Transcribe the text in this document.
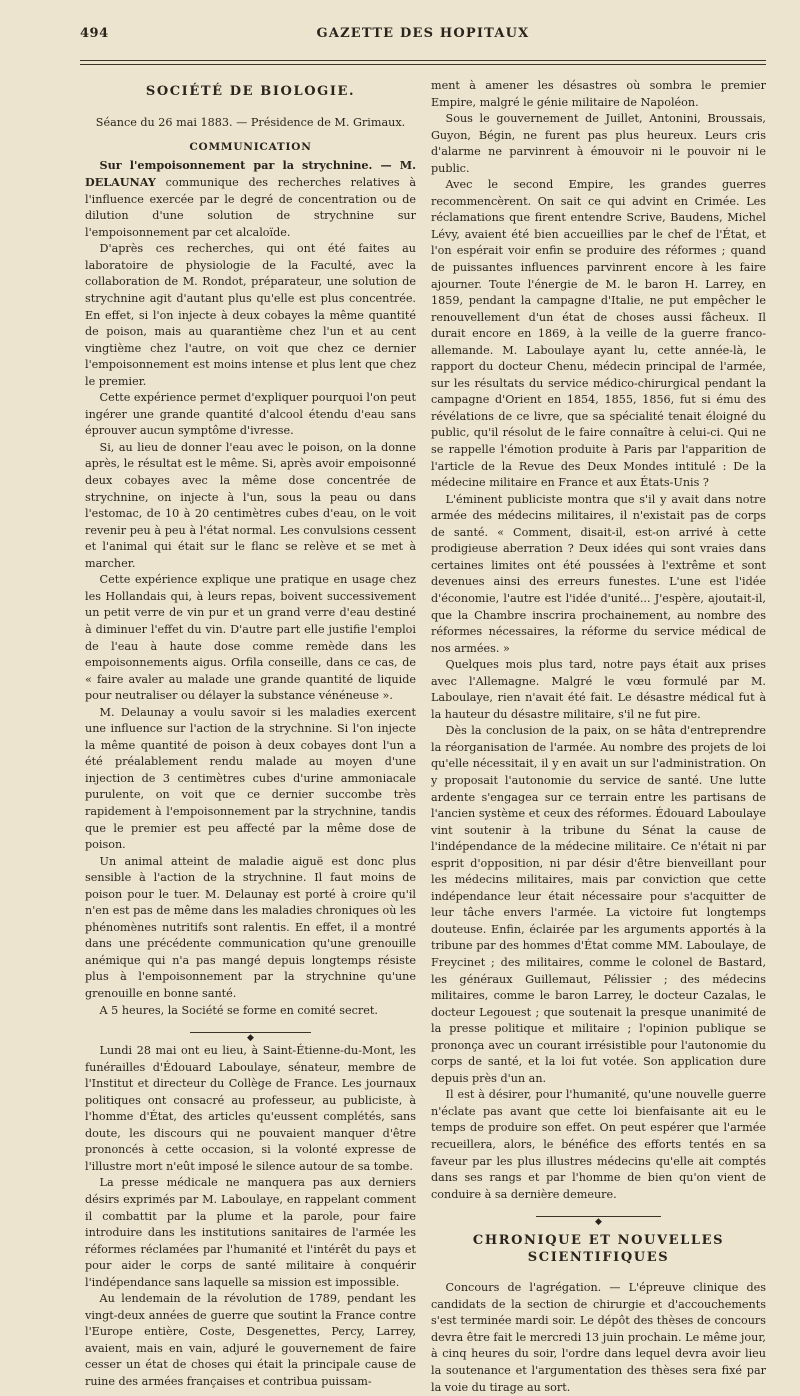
494	GAZETTE DES HOPITAUX
SOCIÉTÉ DE BIOLOGIE.

Séance du 26 mai 1883. — Présidence de M. Grimaux.

COMMUNICATION

Sur l'empoisonnement par la strychnine. — M. DELAUNAY communique des recherches relatives à l'influence exercée par le degré de concentration ou de dilution d'une solution de strychnine sur l'empoisonnement par cet alcaloïde.

D'après ces recherches, qui ont été faites au laboratoire de physiologie de la Faculté, avec la collaboration de M. Rondot, préparateur, une solution de strychnine agit d'autant plus qu'elle est plus concentrée. En effet, si l'on injecte à deux cobayes la même quantité de poison, mais au quarantième chez l'un et au cent vingtième chez l'autre, on voit que chez ce dernier l'empoisonnement est moins intense et plus lent que chez le premier.

Cette expérience permet d'expliquer pourquoi l'on peut ingérer une grande quantité d'alcool étendu d'eau sans éprouver aucun symptôme d'ivresse.

Si, au lieu de donner l'eau avec le poison, on la donne après, le résultat est le même. Si, après avoir empoisonné deux cobayes avec la même dose concentrée de strychnine, on injecte à l'un, sous la peau ou dans l'estomac, de 10 à 20 centimètres cubes d'eau, on le voit revenir peu à peu à l'état normal. Les convulsions cessent et l'animal qui était sur le flanc se relève et se met à marcher.

Cette expérience explique une pratique en usage chez les Hollandais qui, à leurs repas, boivent successivement un petit verre de vin pur et un grand verre d'eau destiné à diminuer l'effet du vin. D'autre part elle justifie l'emploi de l'eau à haute dose comme remède dans les empoisonnements aigus. Orfila conseille, dans ce cas, de « faire avaler au malade une grande quantité de liquide pour neutraliser ou délayer la substance vénéneuse ».

M. Delaunay a voulu savoir si les maladies exercent une influence sur l'action de la strychnine. Si l'on injecte la même quantité de poison à deux cobayes dont l'un a été préalablement rendu malade au moyen d'une injection de 3 centimètres cubes d'urine ammoniacale purulente, on voit que ce dernier succombe très rapidement à l'empoisonnement par la strychnine, tandis que le premier est peu affecté par la même dose de poison.

Un animal atteint de maladie aiguë est donc plus sensible à l'action de la strychnine. Il faut moins de poison pour le tuer. M. Delaunay est porté à croire qu'il n'en est pas de même dans les maladies chroniques où les phénomènes nutritifs sont ralentis. En effet, il a montré dans une précédente communication qu'une grenouille anémique qui n'a pas mangé depuis longtemps résiste plus à l'empoisonnement par la strychnine qu'une grenouille en bonne santé.

A 5 heures, la Société se forme en comité secret.

◆

Lundi 28 mai ont eu lieu, à Saint-Étienne-du-Mont, les funérailles d'Édouard Laboulaye, sénateur, membre de l'Institut et directeur du Collège de France. Les journaux politiques ont consacré au professeur, au publiciste, à l'homme d'État, des articles qu'eussent complétés, sans doute, les discours qui ne pouvaient manquer d'être prononcés à cette occasion, si la volonté expresse de l'illustre mort n'eût imposé le silence autour de sa tombe.

La presse médicale ne manquera pas aux derniers désirs exprimés par M. Laboulaye, en rappelant comment il combattit par la plume et la parole, pour faire introduire dans les institutions sanitaires de l'armée les réformes réclamées par l'humanité et l'intérêt du pays et pour aider le corps de santé militaire à conquérir l'indépendance sans laquelle sa mission est impossible.

Au lendemain de la révolution de 1789, pendant les vingt-deux années de guerre que soutint la France contre l'Europe entière, Coste, Desgenettes, Percy, Larrey, avaient, mais en vain, adjuré le gouvernement de faire cesser un état de choses qui était la principale cause de ruine des armées françaises et contribua puissam-

ment à amener les désastres où sombra le premier Empire, malgré le génie militaire de Napoléon.

Sous le gouvernement de Juillet, Antonini, Broussais, Guyon, Bégin, ne furent pas plus heureux. Leurs cris d'alarme ne parvinrent à émouvoir ni le pouvoir ni le public.

Avec le second Empire, les grandes guerres recommencèrent. On sait ce qui advint en Crimée. Les réclamations que firent entendre Scrive, Baudens, Michel Lévy, avaient été bien accueillies par le chef de l'État, et l'on espérait voir enfin se produire des réformes ; quand de puissantes influences parvinrent encore à les faire ajourner. Toute l'énergie de M. le baron H. Larrey, en 1859, pendant la campagne d'Italie, ne put empêcher le renouvellement d'un état de choses aussi fâcheux. Il durait encore en 1869, à la veille de la guerre franco-allemande. M. Laboulaye ayant lu, cette année-là, le rapport du docteur Chenu, médecin principal de l'armée, sur les résultats du service médico-chirurgical pendant la campagne d'Orient en 1854, 1855, 1856, fut si ému des révélations de ce livre, que sa spécialité tenait éloigné du public, qu'il résolut de le faire connaître à celui-ci. Qui ne se rappelle l'émotion produite à Paris par l'apparition de l'article de la Revue des Deux Mondes intitulé : De la médecine militaire en France et aux États-Unis ?

L'éminent publiciste montra que s'il y avait dans notre armée des médecins militaires, il n'existait pas de corps de santé. « Comment, disait-il, est-on arrivé à cette prodigieuse aberration ? Deux idées qui sont vraies dans certaines limites ont été poussées à l'extrême et sont devenues ainsi des erreurs funestes. L'une est l'idée d'économie, l'autre est l'idée d'unité... J'espère, ajoutait-il, que la Chambre inscrira prochainement, au nombre des réformes nécessaires, la réforme du service médical de nos armées. »

Quelques mois plus tard, notre pays était aux prises avec l'Allemagne. Malgré le vœu formulé par M. Laboulaye, rien n'avait été fait. Le désastre médical fut à la hauteur du désastre militaire, s'il ne fut pire.

Dès la conclusion de la paix, on se hâta d'entreprendre la réorganisation de l'armée. Au nombre des projets de loi qu'elle nécessitait, il y en avait un sur l'administration. On y proposait l'autonomie du service de santé. Une lutte ardente s'engagea sur ce terrain entre les partisans de l'ancien système et ceux des réformes. Édouard Laboulaye vint soutenir à la tribune du Sénat la cause de l'indépendance de la médecine militaire. Ce n'était ni par esprit d'opposition, ni par désir d'être bienveillant pour les médecins militaires, mais par conviction que cette indépendance leur était nécessaire pour s'acquitter de leur tâche envers l'armée. La victoire fut longtemps douteuse. Enfin, éclairée par les arguments apportés à la tribune par des hommes d'État comme MM. Laboulaye, de Freycinet ; des militaires, comme le colonel de Bastard, les généraux Guillemaut, Pélissier ; des médecins militaires, comme le baron Larrey, le docteur Cazalas, le docteur Legouest ; que soutenait la presque unanimité de la presse politique et militaire ; l'opinion publique se prononça avec un courant irrésistible pour l'autonomie du corps de santé, et la loi fut votée. Son application dure depuis près d'un an.

Il est à désirer, pour l'humanité, qu'une nouvelle guerre n'éclate pas avant que cette loi bienfaisante ait eu le temps de produire son effet. On peut espérer que l'armée recueillera, alors, le bénéfice des efforts tentés en sa faveur par les plus illustres médecins qu'elle ait comptés dans ses rangs et par l'homme de bien qu'on vient de conduire à sa dernière demeure.

◆
CHRONIQUE ET NOUVELLES SCIENTIFIQUES

Concours de l'agrégation. — L'épreuve clinique des candidats de la section de chirurgie et d'accouchements s'est terminée mardi soir. Le dépôt des thèses de concours devra être fait le mercredi 13 juin prochain. Le même jour, à cinq heures du soir, l'ordre dans lequel devra avoir lieu la soutenance et l'argumentation des thèses sera fixé par la voie du tirage au sort.
